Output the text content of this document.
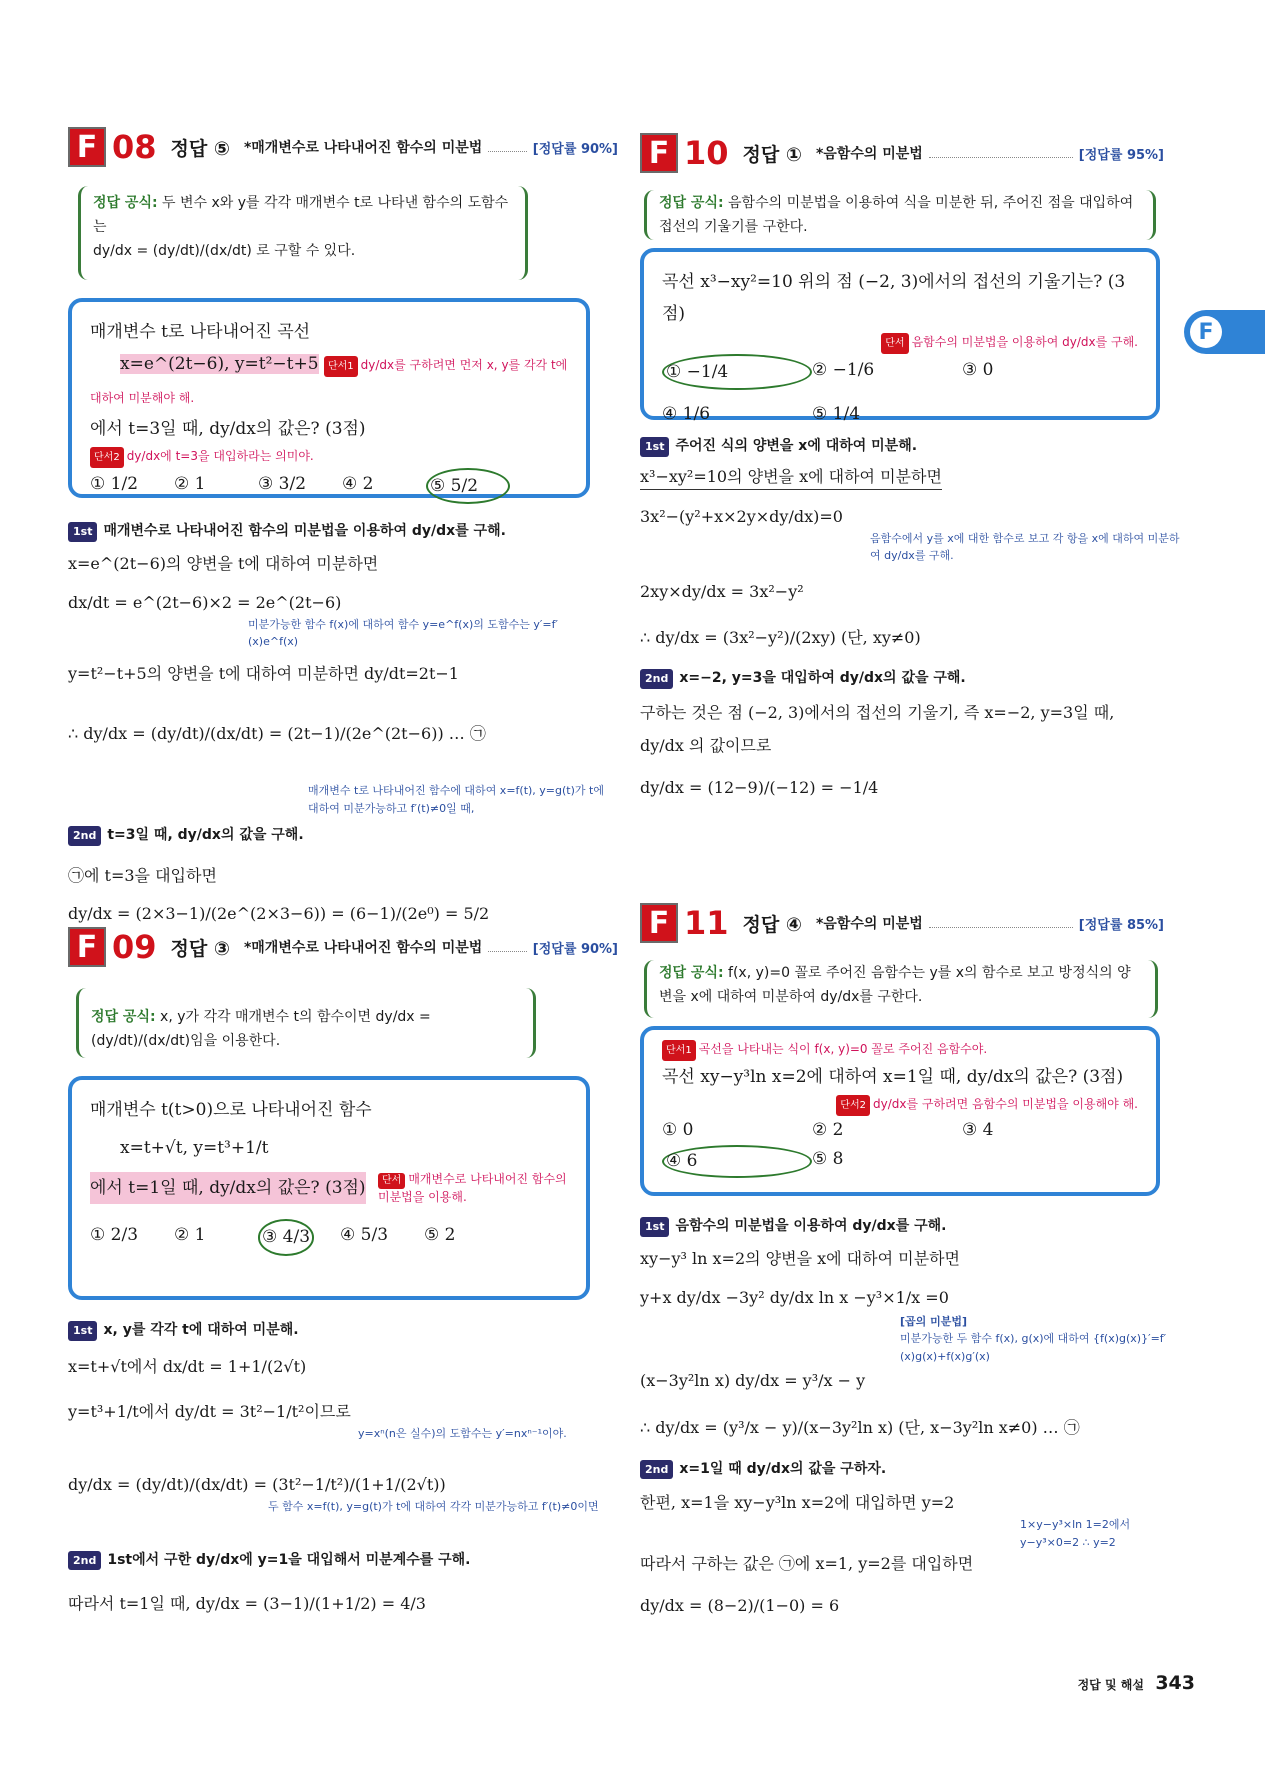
F 08 정답 ⑤ *매개변수로 나타내어진 함수의 미분법	[정답률 90%]
정답 공식: 두 변수 x와 y를 각각 매개변수 t로 나타낸 함수의 도함수는
dy/dx = (dy/dt)/(dx/dt) 로 구할 수 있다.
매개변수 t로 나타내어진 곡선
x=e^(2t−6), y=t²−t+5 단서1 dy/dx를 구하려면 먼저 x, y를 각각 t에 대하여 미분해야 해.
에서 t=3일 때, dy/dx의 값은? (3점)
단서2 dy/dx에 t=3을 대입하라는 의미야.
① 1/2	② 1	③ 3/2	④ 2	⑤ 5/2
1st 매개변수로 나타내어진 함수의 미분법을 이용하여 dy/dx를 구해.
x=e^(2t−6)의 양변을 t에 대하여 미분하면
dx/dt = e^(2t−6)×2 = 2e^(2t−6)
미분가능한 함수 f(x)에 대하여 함수 y=e^f(x)의 도함수는 y′=f′(x)e^f(x)
y=t²−t+5의 양변을 t에 대하여 미분하면 dy/dt=2t−1
∴ dy/dx = (dy/dt)/(dx/dt) = (2t−1)/(2e^(2t−6)) … ㉠
매개변수 t로 나타내어진 함수에 대하여 x=f(t), y=g(t)가 t에 대하여 미분가능하고 f′(t)≠0일 때,
2nd t=3일 때, dy/dx의 값을 구해.
㉠에 t=3을 대입하면
dy/dx = (2×3−1)/(2e^(2×3−6)) = (6−1)/(2e⁰) = 5/2
F 09 정답 ③ *매개변수로 나타내어진 함수의 미분법	[정답률 90%]
정답 공식: x, y가 각각 매개변수 t의 함수이면 dy/dx = (dy/dt)/(dx/dt)임을 이용한다.
매개변수 t(t>0)으로 나타내어진 함수
x=t+√t, y=t³+1/t
에서 t=1일 때, dy/dx의 값은? (3점)	단서 매개변수로 나타내어진 함수의 미분법을 이용해.
① 2/3	② 1	③ 4/3 ④ 5/3	⑤ 2
1st x, y를 각각 t에 대하여 미분해.
x=t+√t에서 dx/dt = 1+1/(2√t)
y=t³+1/t에서 dy/dt = 3t²−1/t²이므로
y=xⁿ(n은 실수)의 도함수는 y′=nxⁿ⁻¹이야.
dy/dx = (dy/dt)/(dx/dt) = (3t²−1/t²)/(1+1/(2√t))
두 함수 x=f(t), y=g(t)가 t에 대하여 각각 미분가능하고 f′(t)≠0이면
2nd 1st에서 구한 dy/dx에 y=1을 대입해서 미분계수를 구해.
따라서 t=1일 때, dy/dx = (3−1)/(1+1/2) = 4/3
F 10 정답 ① *음함수의 미분법	[정답률 95%]
정답 공식: 음함수의 미분법을 이용하여 식을 미분한 뒤, 주어진 점을 대입하여 접선의 기울기를 구한다.
곡선 x³−xy²=10 위의 점 (−2, 3)에서의 접선의 기울기는? (3점)
단서 음함수의 미분법을 이용하여 dy/dx를 구해.
① −1/4	② −1/6	③ 0
④ 1/6	⑤ 1/4
1st 주어진 식의 양변을 x에 대하여 미분해.
x³−xy²=10의 양변을 x에 대하여 미분하면
3x²−(y²+x×2y×dy/dx)=0
음함수에서 y를 x에 대한 함수로 보고 각 항을 x에 대하여 미분하여 dy/dx를 구해.
2xy×dy/dx = 3x²−y²
∴ dy/dx = (3x²−y²)/(2xy) (단, xy≠0)
2nd x=−2, y=3을 대입하여 dy/dx의 값을 구해.
구하는 것은 점 (−2, 3)에서의 접선의 기울기, 즉 x=−2, y=3일 때,
dy/dx 의 값이므로
dy/dx = (12−9)/(−12) = −1/4
F 11 정답 ④ *음함수의 미분법	[정답률 85%]
정답 공식: f(x, y)=0 꼴로 주어진 음함수는 y를 x의 함수로 보고 방정식의 양변을 x에 대하여 미분하여 dy/dx를 구한다.
단서1 곡선을 나타내는 식이 f(x, y)=0 꼴로 주어진 음함수야.
곡선 xy−y³ln x=2에 대하여 x=1일 때, dy/dx의 값은? (3점)
단서2 dy/dx를 구하려면 음함수의 미분법을 이용해야 해.
① 0	② 2	③ 4
④ 6	⑤ 8
1st 음함수의 미분법을 이용하여 dy/dx를 구해.
xy−y³ ln x=2의 양변을 x에 대하여 미분하면
y+x dy/dx −3y² dy/dx ln x −y³×1/x =0
[곱의 미분법]
미분가능한 두 함수 f(x), g(x)에 대하여 {f(x)g(x)}′=f′(x)g(x)+f(x)g′(x)
(x−3y²ln x) dy/dx = y³/x − y
∴ dy/dx = (y³/x − y)/(x−3y²ln x) (단, x−3y²ln x≠0) … ㉠
2nd x=1일 때 dy/dx의 값을 구하자.
한편, x=1을 xy−y³ln x=2에 대입하면 y=2
1×y−y³×ln 1=2에서 y−y³×0=2 ∴ y=2
따라서 구하는 값은 ㉠에 x=1, y=2를 대입하면
dy/dx = (8−2)/(1−0) = 6
F
정답 및 해설 343
